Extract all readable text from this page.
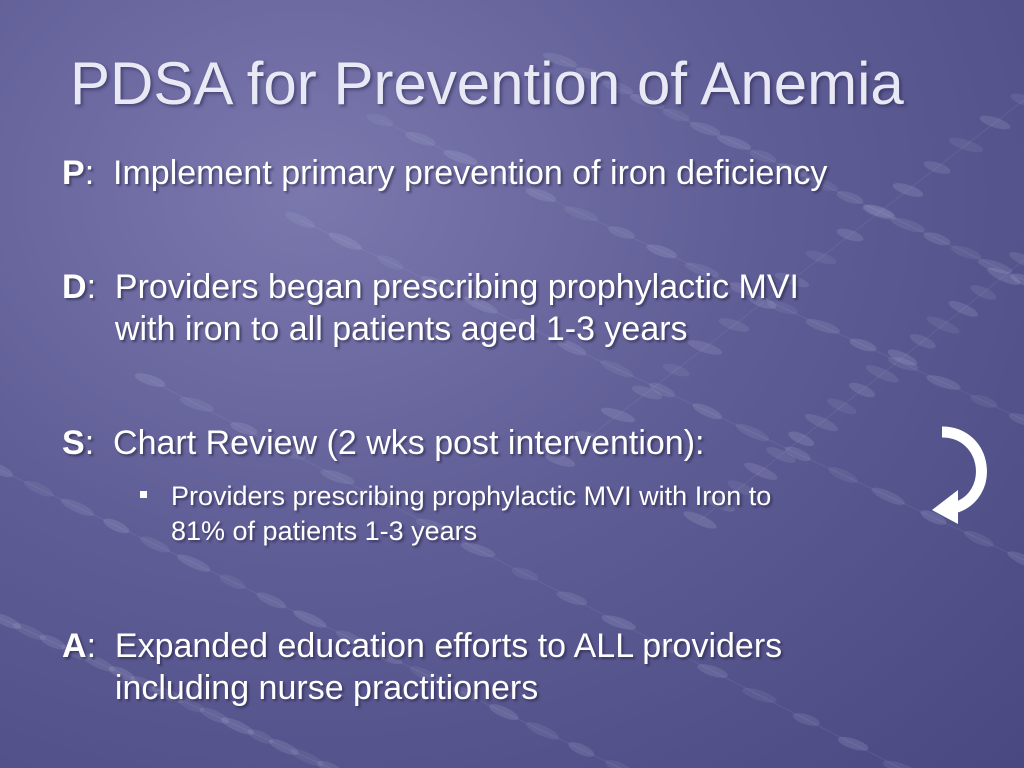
PDSA for Prevention of Anemia
P:  Implement primary prevention of iron deficiency
D:  Providers began prescribing prophylactic MVI
with iron to all patients aged 1-3 years
S:  Chart Review (2 wks post intervention):
Providers prescribing prophylactic MVI with Iron to
81% of patients 1-3 years
A:  Expanded education efforts to ALL providers
including nurse practitioners
